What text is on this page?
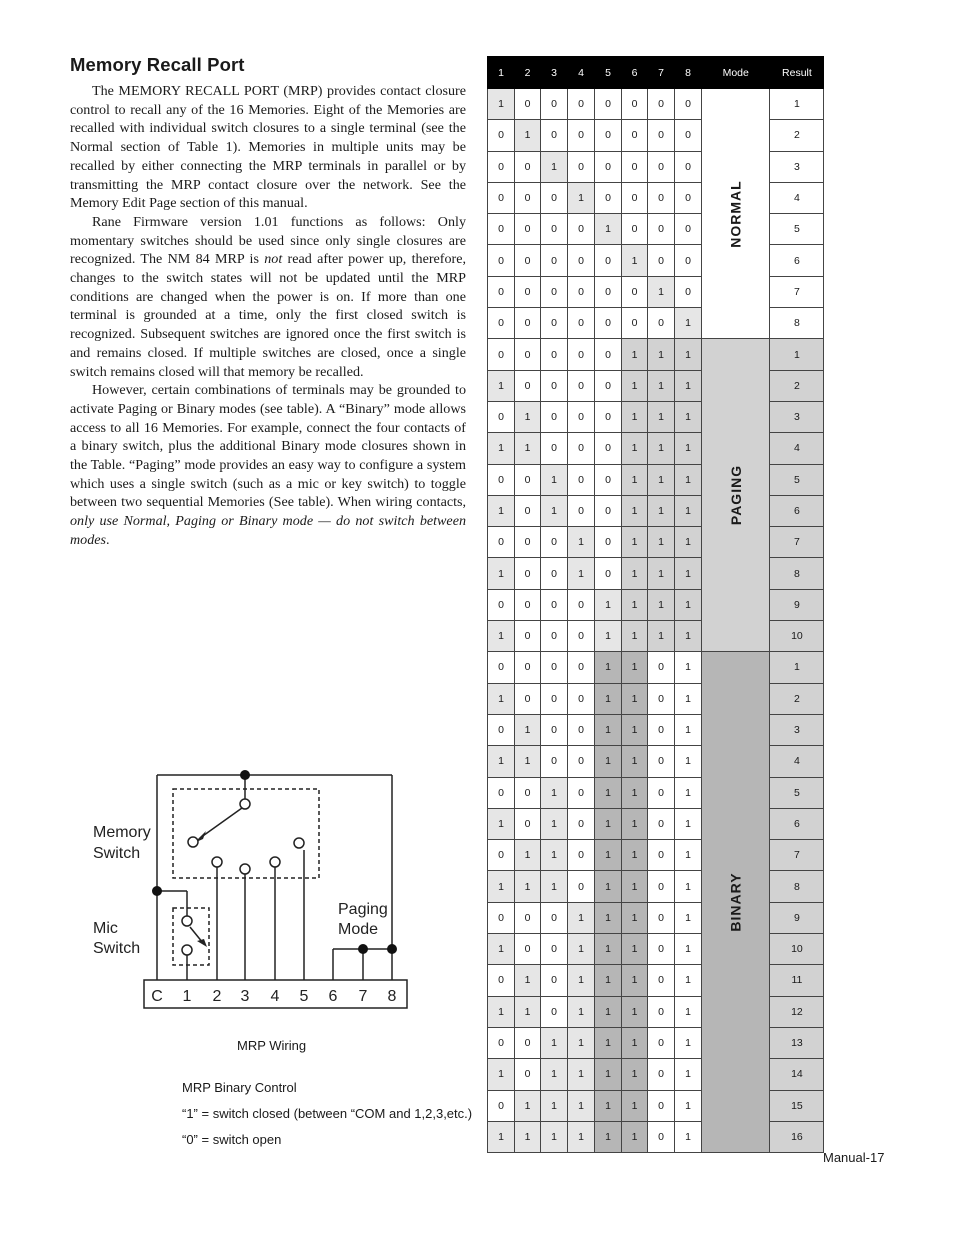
Memory Recall Port

The MEMORY RECALL PORT (MRP) provides contact closure control to recall any of the 16 Memories. Eight of the Memories are recalled with individual switch closures to a single terminal (see the Normal section of Table 1). Memories in multiple units may be recalled by either connecting the MRP terminals in parallel or by transmitting the MRP contact closure over the network. See the Memory Edit Page section of this manual.

Rane Firmware version 1.01 functions as follows: Only momentary switches should be used since only single closures are recognized. The NM 84 MRP is not read after power up, therefore, changes to the switch states will not be updated until the MRP conditions are changed when the power is on. If more than one terminal is grounded at a time, only the first closed switch is recognized. Subsequent switches are ignored once the first switch is and remains closed. If multiple switches are closed, once a single switch remains closed will that memory be recalled.

However, certain combinations of terminals may be grounded to activate Paging or Binary modes (see table). A “Binary” mode allows access to all 16 Memories. For example, connect the four contacts of a binary switch, plus the additional Binary mode closures shown in the Table. “Paging” mode provides an easy way to configure a system which uses a single switch (such as a mic or key switch) to toggle between two sequential Memories (See table). When wiring contacts, only use Normal, Paging or Binary mode — do not switch between modes.

Memory
Switch
Mic
Switch
Paging
Mode
C 1 2 3 4 5 6 7 8
MRP Wiring
MRP Binary Control
“1” = switch closed (between “COM and 1,2,3,etc.)
“0” = switch open
1	2	3	4	5	6	7	8	Mode	Result
1	0	0	0	0	0	0	0	NORMAL	1
0	1	0	0	0	0	0	0		2
0	0	1	0	0	0	0	0		3
0	0	0	1	0	0	0	0		4
0	0	0	0	1	0	0	0		5
0	0	0	0	0	1	0	0		6
0	0	0	0	0	0	1	0		7
0	0	0	0	0	0	0	1		8
0	0	0	0	0	1	1	1	PAGING	1
1	0	0	0	0	1	1	1		2
0	1	0	0	0	1	1	1		3
1	1	0	0	0	1	1	1		4
0	0	1	0	0	1	1	1		5
1	0	1	0	0	1	1	1		6
0	0	0	1	0	1	1	1		7
1	0	0	1	0	1	1	1		8
0	0	0	0	1	1	1	1		9
1	0	0	0	1	1	1	1		10
0	0	0	0	1	1	0	1	BINARY	1
1	0	0	0	1	1	0	1		2
0	1	0	0	1	1	0	1		3
1	1	0	0	1	1	0	1		4
0	0	1	0	1	1	0	1		5
1	0	1	0	1	1	0	1		6
0	1	1	0	1	1	0	1		7
1	1	1	0	1	1	0	1		8
0	0	0	1	1	1	0	1		9
1	0	0	1	1	1	0	1		10
0	1	0	1	1	1	0	1		11
1	1	0	1	1	1	0	1		12
0	0	1	1	1	1	0	1		13
1	0	1	1	1	1	0	1		14
0	1	1	1	1	1	0	1		15
1	1	1	1	1	1	0	1		16
Manual-17
